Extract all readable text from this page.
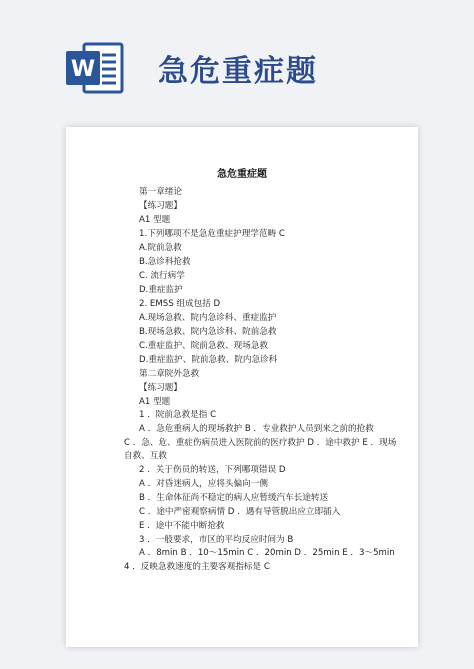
W 急危重症题
急危重症题
第一章绪论
【练习题】
A1 型题
1.下列哪项不是急危重症护理学范畴 C
A.院前急救
B.急诊科抢救
C. 流行病学
D.重症监护
2. EMSS 组成包括 D
A.现场急救、院内急诊科、重症监护
B.现场急救、院内急诊科、院前急救
C.重症监护、院前急救、现场急救
D.重症监护、院前急救、院内急诊科
第二章院外急救
【练习题】
A1 型题
1 ．院前急救是指 C
A ．急危重病人的现场救护 B ．专业救护人员到来之前的抢救
C ．急、危、重症伤病员进入医院前的医疗救护 D ．途中救护 E ．现场
自救、互救
2 ．关于伤员的转送，下列哪项错误 D
A ．对昏迷病人，应将头偏向一侧
B ．生命体征尚不稳定的病人应暂缓汽车长途转送
C ．途中严密观察病情 D ．遇有导管脱出应立即插入
E ．途中不能中断抢救
3 ．一般要求，市区的平均反应时间为 B
A ．8min B ．10～15min C ．20min D ．25min E ．3～5min
4 ．反映急救速度的主要客观指标是 C
